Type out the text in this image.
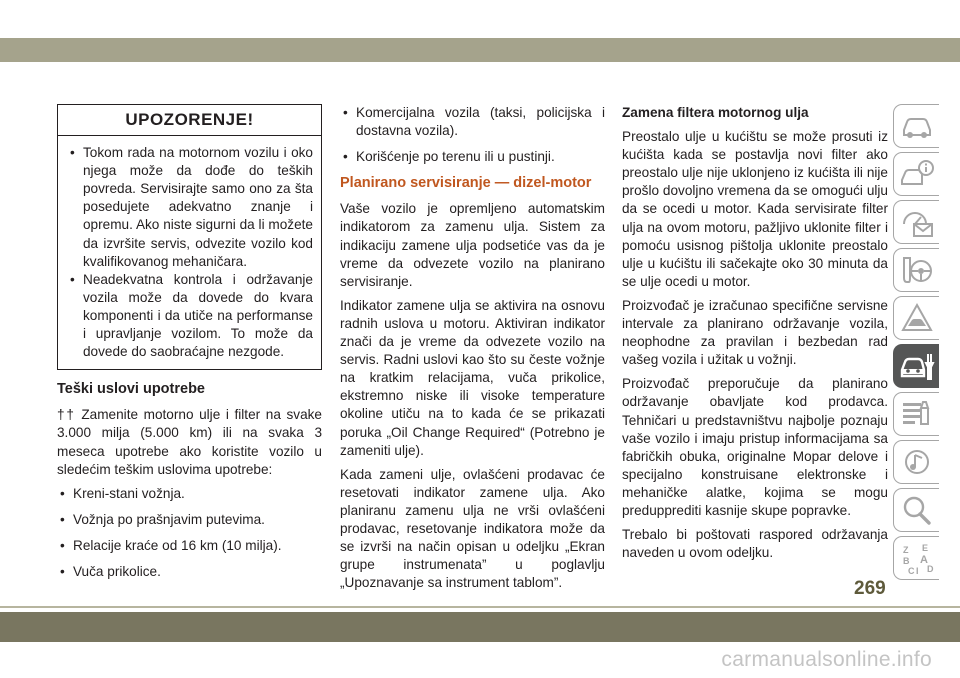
UPOZORENJE!
• Tokom rada na motornom vozilu i oko njega može da dođe do teških povreda. Servisirajte samo ono za šta posedujete adekvatno znanje i opremu. Ako niste sigurni da li možete da izvršite servis, odvezite vozilo kod kvalifikovanog mehaničara.
• Neadekvatna kontrola i održavanje vozila može da dovede do kvara komponenti i da utiče na performanse i upravljanje vozilom. To može da dovede do saobraćajne nezgode.
Teški uslovi upotrebe

†† Zamenite motorno ulje i filter na svake 3.000 milja (5.000 km) ili na svaka 3 meseca upotrebe ako koristite vozilo u sledećim teškim uslovima upotrebe:

• Kreni-stani vožnja.
• Vožnja po prašnjavim putevima.
• Relacije kraće od 16 km (10 milja).
• Vuča prikolice.
• Komercijalna vozila (taksi, policijska i dostavna vozila).
• Korišćenje po terenu ili u pustinji.
Planirano servisiranje — dizel-motor

Vaše vozilo je opremljeno automatskim indikatorom za zamenu ulja. Sistem za indikaciju zamene ulja podsetiće vas da je vreme da odvezete vozilo na planirano servisiranje.

Indikator zamene ulja se aktivira na osnovu radnih uslova u motoru. Aktiviran indikator znači da je vreme da odvezete vozilo na servis. Radni uslovi kao što su česte vožnje na kratkim relacijama, vuča prikolice, ekstremno niske ili visoke temperature okoline utiču na to kada će se prikazati poruka „Oil Change Required“ (Potrebno je zameniti ulje).

Kada zameni ulje, ovlašćeni prodavac će resetovati indikator zamene ulja. Ako planiranu zamenu ulja ne vrši ovlašćeni prodavac, resetovanje indikatora može da se izvrši na način opisan u odeljku „Ekran grupe instrumenata” u poglavlju „Upoznavanje sa instrument tablom”.

Zamena filtera motornog ulja

Preostalo ulje u kućištu se može prosuti iz kućišta kada se postavlja novi filter ako preostalo ulje nije uklonjeno iz kućišta ili nije prošlo dovoljno vremena da se omogući ulju da se ocedi u motor. Kada servisirate filter ulja na ovom motoru, pažljivo uklonite filter i pomoću usisnog pištolja uklonite preostalo ulje u kućištu ili sačekajte oko 30 minuta da se ulje ocedi u motor.

Proizvođač je izračunao specifične servisne intervale za planirano održavanje vozila, neophodne za pravilan i bezbedan rad vašeg vozila i užitak u vožnji.

Proizvođač preporučuje da planirano održavanje obavljate kod prodavca. Tehničari u predstavništvu najbolje poznaju vaše vozilo i imaju pristup informacijama sa fabričkih obuka, originalne Mopar delove i specijalno konstruisane elektronske i mehaničke alatke, kojima se mogu predupprediti kasnije skupe popravke.

Trebalo bi poštovati raspored održavanja naveden u ovom odeljku.	Z E
B A
C I D
269
carmanualsonline.info
